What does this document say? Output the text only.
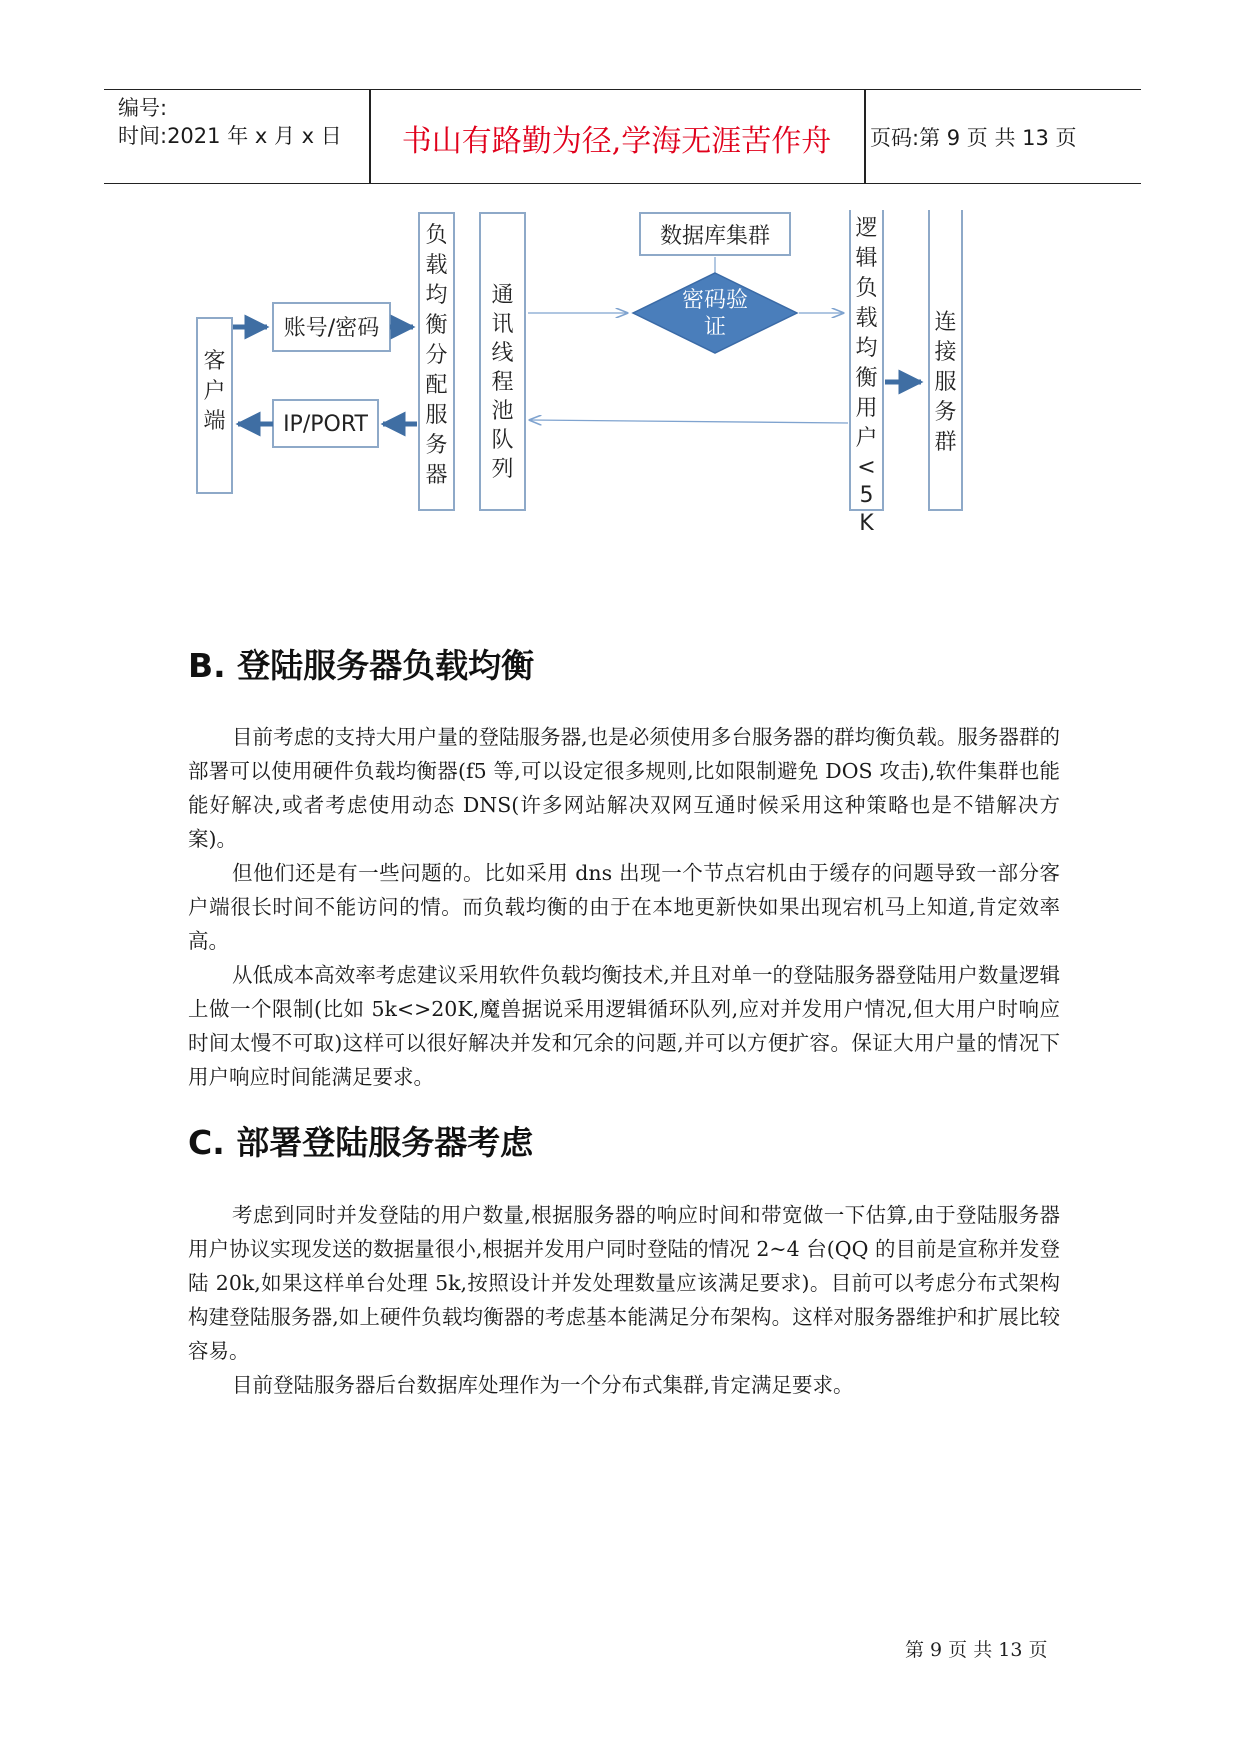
编号:
时间:2021 年 x 月 x 日	书山有路勤为径,学海无涯苦作舟	页码:第 9 页 共 13 页
客
户
端
账号/密码
IP/PORT
负
载
均
衡
分
配
服
务
器
通
讯
线
程
池
队
列
数据库集群
密码验
证
逻
辑
负
载
均
衡
用
户
<
5
K
连
接
服
务
群
B. 登陆服务器负载均衡

目前考虑的支持大用户量的登陆服务器,也是必须使用多台服务器的群均衡负载。服务器群的部署可以使用硬件负载均衡器(f5 等,可以设定很多规则,比如限制避免 DOS 攻击),软件集群也能能好解决,或者考虑使用动态 DNS(许多网站解决双网互通时候采用这种策略也是不错解决方案)。

但他们还是有一些问题的。比如采用 dns 出现一个节点宕机由于缓存的问题导致一部分客户端很长时间不能访问的情。而负载均衡的由于在本地更新快如果出现宕机马上知道,肯定效率高。

从低成本高效率考虑建议采用软件负载均衡技术,并且对单一的登陆服务器登陆用户数量逻辑上做一个限制(比如 5k<>20K,魔兽据说采用逻辑循环队列,应对并发用户情况,但大用户时响应时间太慢不可取)这样可以很好解决并发和冗余的问题,并可以方便扩容。保证大用户量的情况下用户响应时间能满足要求。

C. 部署登陆服务器考虑

考虑到同时并发登陆的用户数量,根据服务器的响应时间和带宽做一下估算,由于登陆服务器用户协议实现发送的数据量很小,根据并发用户同时登陆的情况 2~4 台(QQ 的目前是宣称并发登陆 20k,如果这样单台处理 5k,按照设计并发处理数量应该满足要求)。目前可以考虑分布式架构构建登陆服务器,如上硬件负载均衡器的考虑基本能满足分布架构。这样对服务器维护和扩展比较容易。

目前登陆服务器后台数据库处理作为一个分布式集群,肯定满足要求。

第 9 页 共 13 页
